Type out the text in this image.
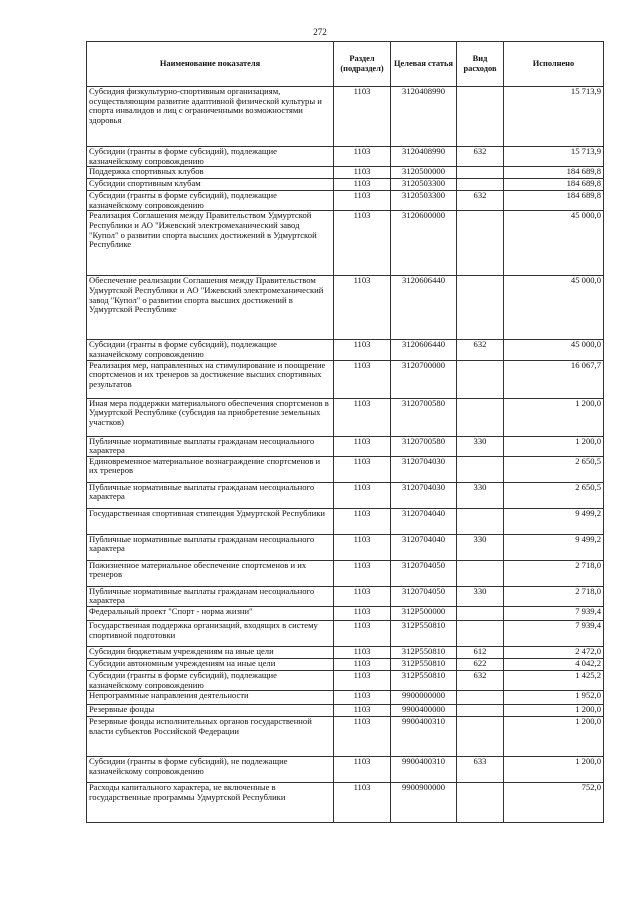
272
Наименование показателя	Раздел (подраздел)	Целевая статья	Вид расходов	Исполнено
Субсидия физкультурно-спортивным организациям, осуществляющим развитие адаптивной физической культуры и спорта инвалидов и лиц с ограниченными возможностями здоровья	1103	3120408990		15 713,9
Субсидии (гранты в форме субсидий), подлежащие казначейскому сопровождению	1103	3120408990	632	15 713,9
Поддержка спортивных клубов	1103	3120500000		184 689,8
Субсидии спортивным клубам	1103	3120503300		184 689,8
Субсидии (гранты в форме субсидий), подлежащие казначейскому сопровождению	1103	3120503300	632	184 689,8
Реализация Соглашения между Правительством Удмуртской Республики и АО "Ижевский электромеханический завод "Купол" о развитии спорта высших достижений в Удмуртской Республике	1103	3120600000		45 000,0
Обеспечение реализации Соглашения между Правительством Удмуртской Республики и АО "Ижевский электромеханический завод "Купол" о развитии спорта высших достижений в Удмуртской Республике	1103	3120606440		45 000,0
Субсидии (гранты в форме субсидий), подлежащие казначейскому сопровождению	1103	3120606440	632	45 000,0
Реализация мер, направленных на стимулирование и поощрение спортсменов и их тренеров за достижение высших спортивных результатов	1103	3120700000		16 067,7
Иная мера поддержки материального обеспечения спортсменов в Удмуртской Республике (субсидия на приобретение земельных участков)	1103	3120700580		1 200,0
Публичные нормативные выплаты гражданам несоциального характера	1103	3120700580	330	1 200,0
Единовременное материальное вознаграждение спортсменов и их тренеров	1103	3120704030		2 650,5
Публичные нормативные выплаты гражданам несоциального характера	1103	3120704030	330	2 650,5
Государственная спортивная стипендия Удмуртской Республики	1103	3120704040		9 499,2
Публичные нормативные выплаты гражданам несоциального характера	1103	3120704040	330	9 499,2
Пожизненное материальное обеспечение спортсменов и их тренеров	1103	3120704050		2 718,0
Публичные нормативные выплаты гражданам несоциального характера	1103	3120704050	330	2 718,0
Федеральный проект "Спорт - норма жизни"	1103	312P500000		7 939,4
Государственная поддержка организаций, входящих в систему спортивной подготовки	1103	312P550810		7 939,4
Субсидии бюджетным учреждениям на иные цели	1103	312P550810	612	2 472,0
Субсидии автономным учреждениям на иные цели	1103	312P550810	622	4 042,2
Субсидии (гранты в форме субсидий), подлежащие казначейскому сопровождению	1103	312P550810	632	1 425,2
Непрограммные направления деятельности	1103	9900000000		1 952,0
Резервные фонды	1103	9900400000		1 200,0
Резервные фонды исполнительных органов государственной власти субъектов Российской Федерации	1103	9900400310		1 200,0
Субсидии (гранты в форме субсидий), не подлежащие казначейскому сопровождению	1103	9900400310	633	1 200,0
Расходы капитального характера, не включенные в государственные программы Удмуртской Республики	1103	9900900000		752,0
